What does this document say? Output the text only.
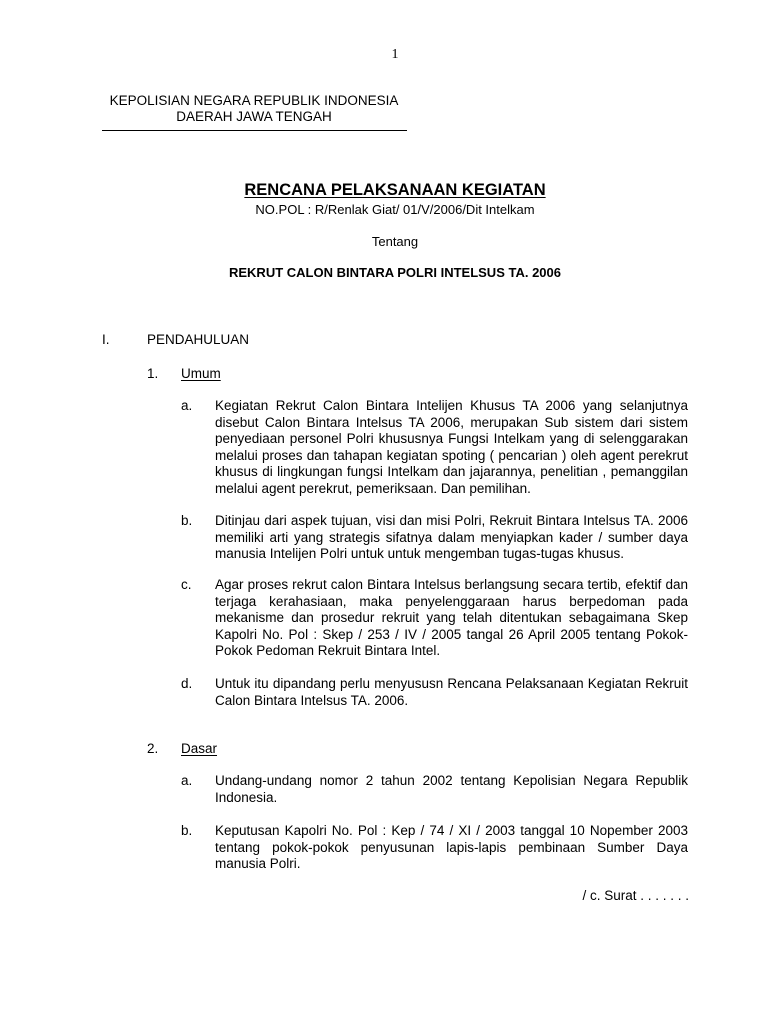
1
KEPOLISIAN NEGARA REPUBLIK INDONESIA
DAERAH JAWA TENGAH
RENCANA PELAKSANAAN KEGIATAN
NO.POL : R/Renlak Giat/ 01/V/2006/Dit Intelkam
Tentang
REKRUT CALON BINTARA POLRI INTELSUS TA. 2006
I.	PENDAHULUAN
1. Umum
a. Kegiatan Rekrut Calon Bintara Intelijen Khusus TA 2006 yang selanjutnya disebut Calon Bintara Intelsus TA 2006, merupakan Sub sistem dari sistem penyediaan personel Polri khususnya Fungsi Intelkam yang di selenggarakan melalui proses dan tahapan kegiatan spoting ( pencarian ) oleh agent perekrut khusus di lingkungan fungsi Intelkam dan jajarannya, penelitian , pemanggilan melalui agent perekrut, pemeriksaan. Dan pemilihan.
b. Ditinjau dari aspek tujuan, visi dan misi Polri, Rekruit Bintara Intelsus TA. 2006 memiliki arti yang strategis sifatnya dalam menyiapkan kader / sumber daya manusia Intelijen Polri untuk untuk mengemban tugas-tugas khusus.
c. Agar proses rekrut calon Bintara Intelsus berlangsung secara tertib, efektif dan terjaga kerahasiaan, maka penyelenggaraan harus berpedoman pada mekanisme dan prosedur rekruit yang telah ditentukan sebagaimana Skep Kapolri No. Pol : Skep / 253 / IV / 2005 tangal 26 April 2005 tentang Pokok-Pokok Pedoman Rekruit Bintara Intel.
d. Untuk itu dipandang perlu menyususn Rencana Pelaksanaan Kegiatan Rekruit Calon Bintara Intelsus TA. 2006.
2. Dasar
a. Undang-undang nomor 2 tahun 2002 tentang Kepolisian Negara Republik Indonesia.
b. Keputusan Kapolri No. Pol : Kep / 74 / XI / 2003 tanggal 10 Nopember 2003 tentang pokok-pokok penyusunan lapis-lapis pembinaan Sumber Daya manusia Polri.
/ c. Surat . . . . . . .
